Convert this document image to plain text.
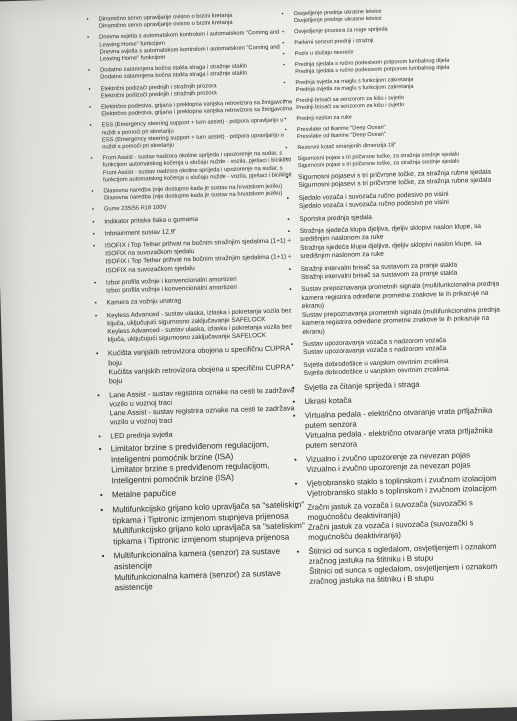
• Dinamično servo upravljanje ovisno o brzini kretanja
Dinamično servo upravljanje ovisno o brzini kretanja
• Dnevna svjetla s automatskom kontrolom i automatskom "Coming and Leaving Home" funkcijom
Dnevna svjetla s automatskom kontrolom i automatskom "Coming and Leaving Home" funkcijom
• Dodatno zatamnjena bočna stakla straga i stražnje staklo
Dodatno zatamnjena bočna stakla straga i stražnje staklo
• Električni podizači prednjih i stražnjih prozora
Električni podizači prednjih i stražnjih prozora
• Električno podesiva, grijana i preklopna vanjska retrovizora sa žmigavcima
Električno podesiva, grijana i preklopna vanjska retrovizora sa žmigavcima
• ESS (Emergency steering support + turn assist) - potpora upravljanju u nuždi s pomoći pri skretanju
ESS (Emergency steering support + turn assist) - potpora upravljanju u nuždi s pomoći pri skretanju
• Front Assist - sustav nadzora okoline sprijeda i upozorenje na sudar, s funkcijom automatskog kočenja u slučaju nužde - vozila, pješaci i biciklisti
Front Assist - sustav nadzora okoline sprijeda i upozorenje na sudar, s funkcijom automatskog kočenja u slučaju nužde - vozila, pješaci i biciklisti
• Glasovna naredba (nije dostupno kada je sustav na hrvatskom jeziku)
Glasovna naredba (nije dostupno kada je sustav na hrvatskom jeziku)
• Gume 235/55 R18 100V
• Indikator pritiska tlaka u gumama
• Infotainment sustav 12,9"
• ISOFIX i Top Tether prihvat na bočnim stražnjim sjedalima (1+1) + ISOFIX na suvozačkom sjedalu
ISOFIX i Top Tether prihvat na bočnim stražnjim sjedalima (1+1) + ISOFIX na suvozačkom sjedalu
• Izbor profila vožnje i konvencionalni amortizeri
Izbor profila vožnje i konvencionalni amortizeri
• Kamera za vožnju unatrag
• Keyless Advanced - sustav ulaska, izlaska i pokretanja vozila bez ključa, uključujući sigurnosno zaključavanje SAFELOCK
Keyless Advanced - sustav ulaska, izlaska i pokretanja vozila bez ključa, uključujući sigurnosno zaključavanje SAFELOCK
• Kućišta vanjskih retrovizora obojena u specifičnu CUPRA boju
Kućišta vanjskih retrovizora obojena u specifičnu CUPRA boju
• Lane Assist - sustav registrira oznake na cesti te zadržava vozilo u voznoj traci
Lane Assist - sustav registrira oznake na cesti te zadržava vozilo u voznoj traci
• LED prednja svjetla
• Limitator brzine s predviđenom regulacijom, Inteligentni pomoćnik brzine (ISA)
Limitator brzine s predviđenom regulacijom, Inteligentni pomoćnik brzine (ISA)
• Metalne papučice
• Multifunkcijsko grijano kolo upravljača sa "sateliskim" tipkama i Tiptronic izmjenom stupnjeva prijenosa
Multifunkcijsko grijano kolo upravljača sa "sateliskim" tipkama i Tiptronic izmjenom stupnjeva prijenosa
• Multifunkcionalna kamera (senzor) za sustave asistencije
Multifunkcionalna kamera (senzor) za sustave asistencije
• Osvjetljenje prednje ukrasne letvice
Osvjetljenje prednje ukrasne letvice
• Osvjetljenje prostora za noge sprijeda
• Parkirni senzori prednji i stražnji
• Poziv u slučaju nesreće
• Prednja sjedala s ručno podesivom potporom lumbalnog dijela
Prednja sjedala s ručno podesivom potporom lumbalnog dijela
• Prednja svjetla za maglu s funkcijom zakretanja
Prednja svjetla za maglu s funkcijom zakretanja
• Prednji brisači sa senzorom za kišu i svjetlo
Prednji brisači sa senzorom za kišu i svjetlo
• Prednji naslon za ruke
• Presvlake od tkanine "Deep Ocean"
Presvlake od tkanine "Deep Ocean"
• Rezervni kotač smanjenih dimenzija 18"
• Sigurnosni pojasi s tri pričvrsne točke, za stražnja srednje sjedalo
Sigurnosni pojasi s tri pričvrsne točke, za stražnja srednje sjedalo
• Sigurnosni pojasevi s tri pričvrsne točke, za stražnja rubna sjedala
Sigurnosni pojasevi s tri pričvrsne točke, za stražnja rubna sjedala
• Sjedalo vozača i suvozača ručno podesivo po visini
Sjedalo vozača i suvozača ručno podesivo po visini
• Sportska prednja sjedala
• Stražnja sjedeća klupa djeljiva, djeljiv sklopivi naslon klupe, sa središnjim naslonom za ruke
Stražnja sjedeća klupa djeljiva, djeljiv sklopivi naslon klupe, sa središnjim naslonom za ruke
• Stražnji intervalni brisač sa sustavom za pranje stakla
Stražnji intervalni brisač sa sustavom za pranje stakla
• Sustav prepoznavanja prometnih signala (multifunkcionalna prednja kamera registrira određene prometne znakove te ih prikazuje na ekranu)
Sustav prepoznavanja prometnih signala (multifunkcionalna prednja kamera registrira određene prometne znakove te ih prikazuje na ekranu)
• Sustav upozoravanja vozača s nadzorom vozača
Sustav upozoravanja vozača s nadzorom vozača
• Svjetla dobrodošlice u vanjskim osvrtnim zrcalima
Svjetla dobrodošlice u vanjskim osvrtnim zrcalima
• Svjetla za čitanje sprijeda i straga
• Ukrasi kotača
• Virtualna pedala - električno otvaranje vrata prtljažnika putem senzora
Virtualna pedala - električno otvaranje vrata prtljažnika putem senzora
• Vizualno i zvučno upozorenje za nevezan pojas
Vizualno i zvučno upozorenje za nevezan pojas
• Vjetrobransko staklo s toplinskom i zvučnom izolacijom
Vjetrobransko staklo s toplinskom i zvučnom izolacijom
• Zračni jastuk za vozača i suvozača (suvozački s mogućnošću deaktiviranja)
Zračni jastuk za vozača i suvozača (suvozački s mogućnošću deaktiviranja)
• Štitnici od sunca s ogledalom, osvjetljenjem i oznakom zračnog jastuka na štitniku i B stupu
Štitnici od sunca s ogledalom, osvjetljenjem i oznakom zračnog jastuka na štitniku i B stupu
